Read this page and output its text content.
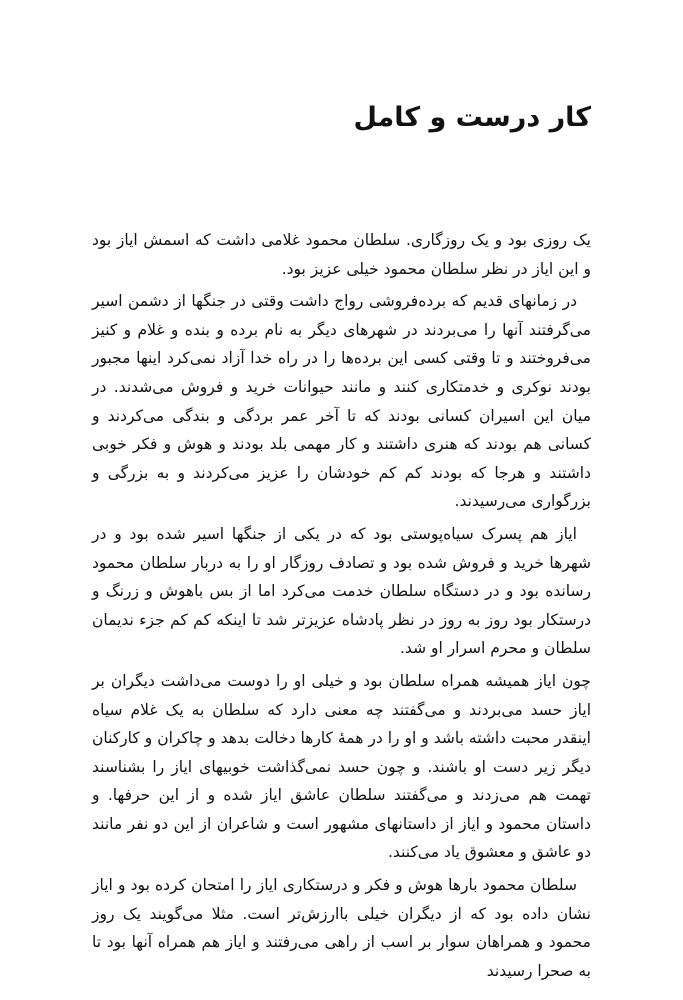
کار درست و کامل

یک روزی بود و یک روزگاری. سلطان محمود غلامی داشت که اسمش ایاز بود و این ایاز در نظر سلطان محمود خیلی عزیز بود.

در زمانهای قدیم که برده‌فروشی رواج داشت وقتی در جنگها از دشمن اسیر می‌گرفتند آنها را می‌بردند در شهرهای دیگر به نام برده و بنده و غلام و کنیز می‌فروختند و تا وقتی کسی این برده‌ها را در راه خدا آزاد نمی‌کرد اینها مجبور بودند نوکری و خدمتکاری کنند و مانند حیوانات خرید و فروش می‌شدند. در میان این اسیران کسانی بودند که تا آخر عمر بردگی و بندگی می‌کردند و کسانی هم بودند که هنری داشتند و کار مهمی بلد بودند و هوش و فکر خوبی داشتند و هرجا که بودند کم کم خودشان را عزیز می‌کردند و به بزرگی و بزرگواری می‌رسیدند.

ایاز هم پسرک سیاه‌پوستی بود که در یکی از جنگها اسیر شده بود و در شهرها خرید و فروش شده بود و تصادف روزگار او را به دربار سلطان محمود رسانده بود و در دستگاه سلطان خدمت می‌کرد اما از بس باهوش و زرنگ و درستکار بود روز به روز در نظر پادشاه عزیزتر شد تا اینکه کم کم جزء ندیمان سلطان و محرم اسرار او شد.

چون ایاز همیشه همراه سلطان بود و خیلی او را دوست می‌داشت دیگران بر ایاز حسد می‌بردند و می‌گفتند چه معنی دارد که سلطان به یک غلام سیاه اینقدر محبت داشته باشد و او را در همهٔ کارها دخالت بدهد و چاکران و کارکنان دیگر زیر دست او باشند. و چون حسد نمی‌گذاشت خوبیهای ایاز را بشناسند تهمت هم می‌زدند و می‌گفتند سلطان عاشق ایاز شده و از این حرفها. و داستان محمود و ایاز از داستانهای مشهور است و شاعران از این دو نفر مانند دو عاشق و معشوق یاد می‌کنند.

سلطان محمود بارها هوش و فکر و درستکاری ایاز را امتحان کرده بود و ایاز نشان داده بود که از دیگران خیلی باارزش‌تر است. مثلا می‌گویند یک روز محمود و همراهان سوار بر اسب از راهی می‌رفتند و ایاز هم همراه آنها بود تا به صحرا رسیدند
